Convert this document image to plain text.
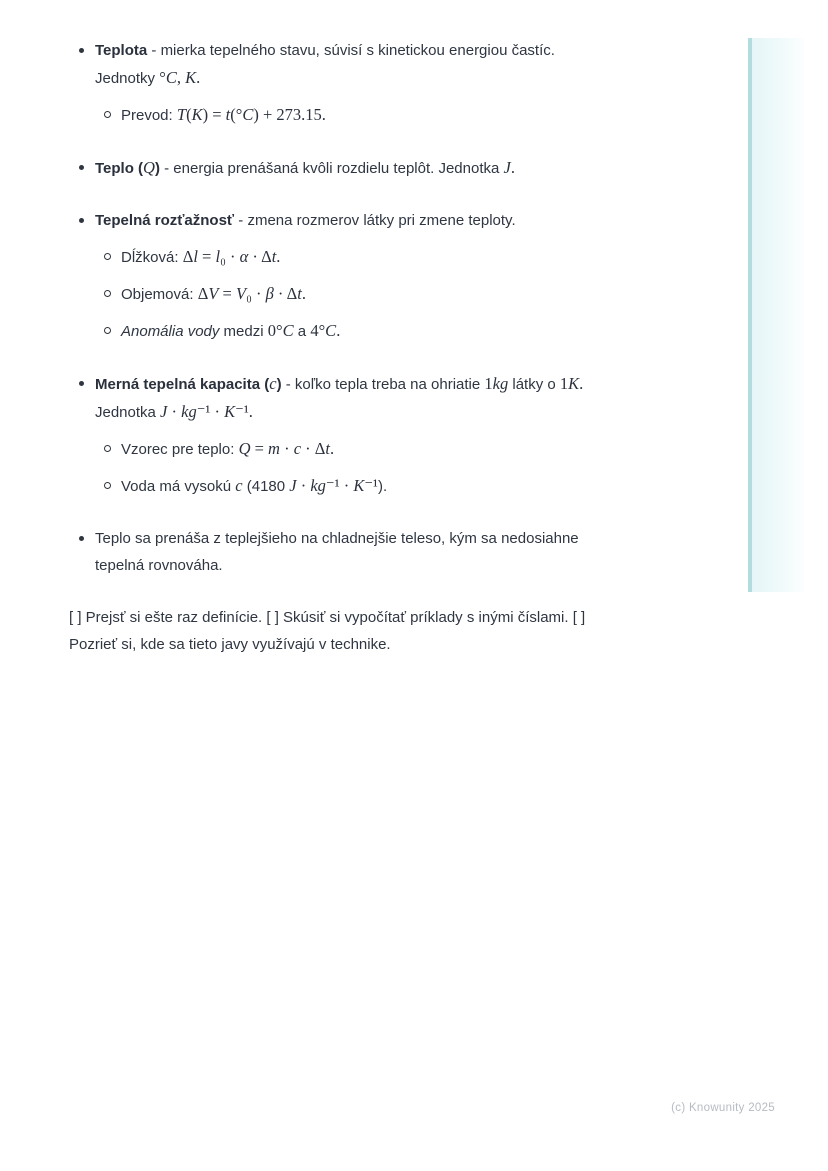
Teplota - mierka tepelného stavu, súvisí s kinetickou energiou častíc.
Jednotky °C, K.
Prevod: T(K) = t(°C) + 273.15.
Teplo (Q) - energia prenášaná kvôli rozdielu teplôt. Jednotka J.
Tepelná rozťažnosť - zmena rozmerov látky pri zmene teploty.
Dĺžková: Δl = l₀ · α · Δt.
Objemová: ΔV = V₀ · β · Δt.
Anomália vody medzi 0°C a 4°C.
Merná tepelná kapacita (c) - koľko tepla treba na ohriatie 1kg látky o 1K.
Jednotka J · kg⁻¹ · K⁻¹.
Vzorec pre teplo: Q = m · c · Δt.
Voda má vysokú c (4180 J · kg⁻¹ · K⁻¹).
Teplo sa prenáša z teplejšieho na chladnejšie teleso, kým sa nedosiahne
tepelná rovnováha.
[ ] Prejsť si ešte raz definície. [ ] Skúsiť si vypočítať príklady s inými číslami. [ ]
Pozrieť si, kde sa tieto javy využívajú v technike.
(c) Knowunity 2025
